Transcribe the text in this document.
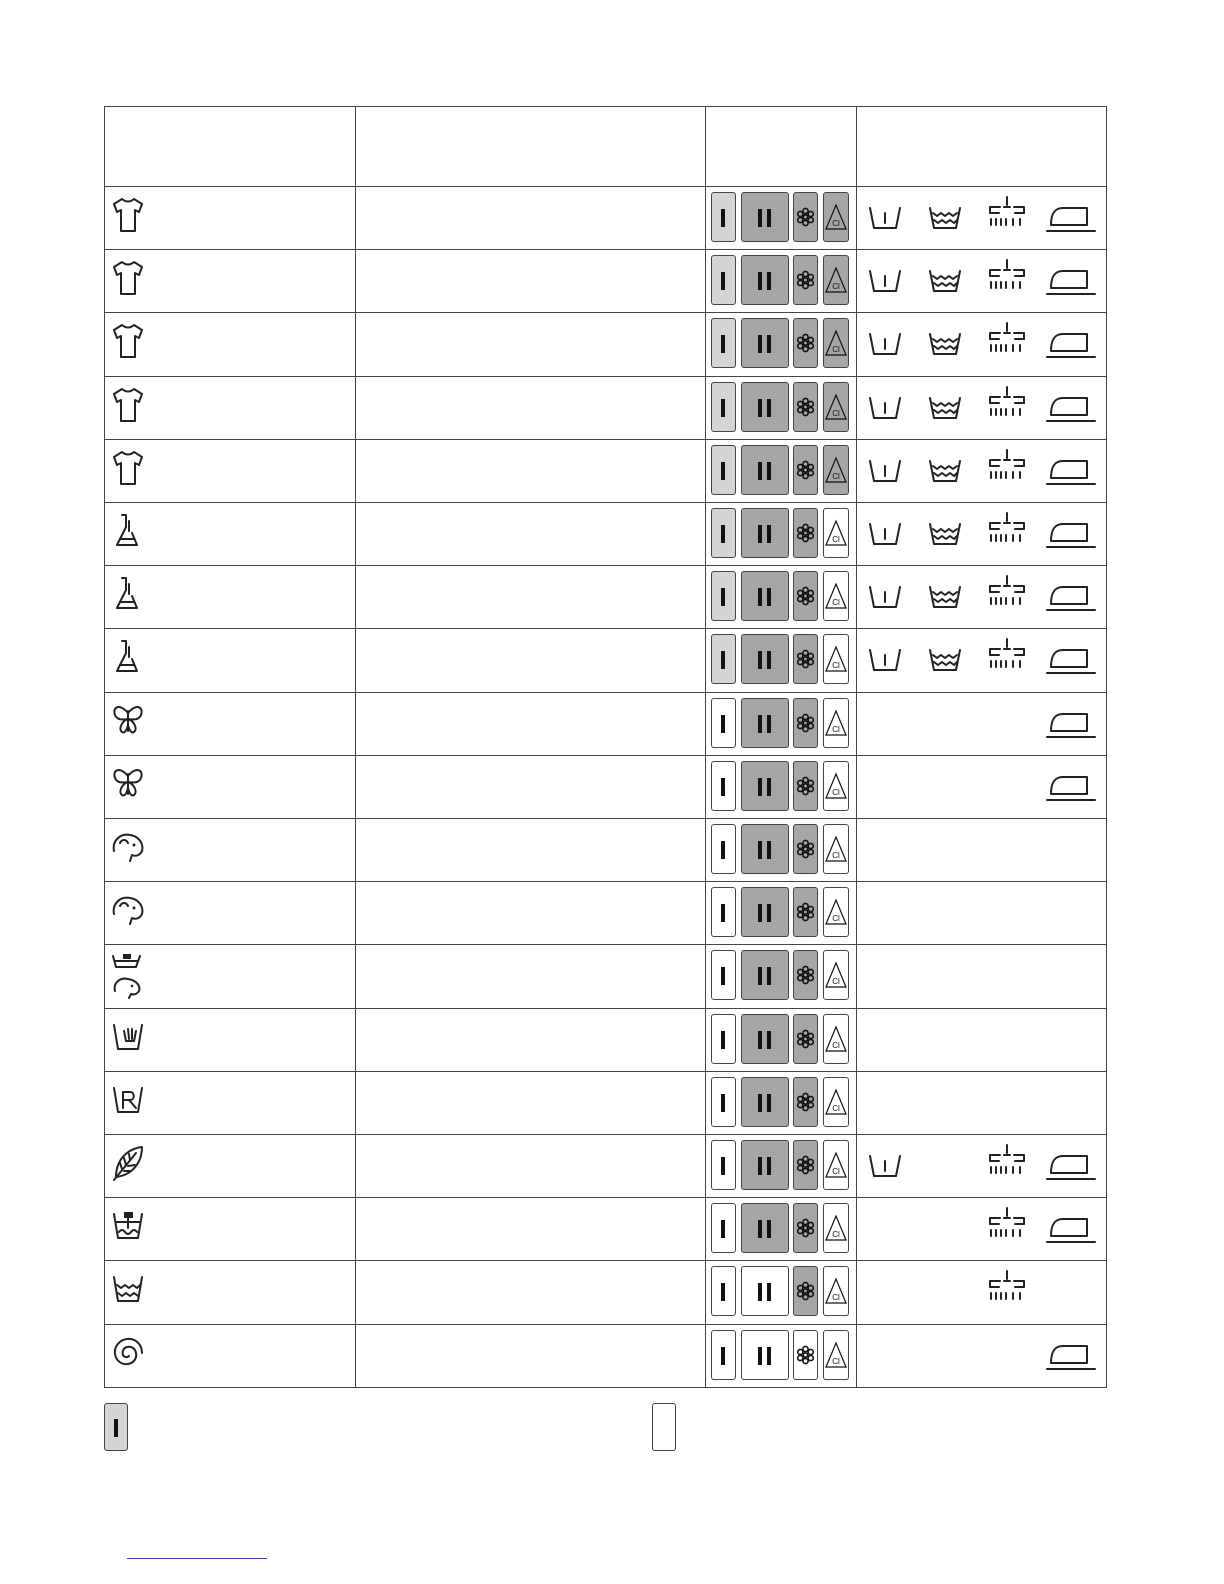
Cl
Cl
Cl
Cl
Cl
Cl
Cl
Cl
Cl
Cl
Cl
Cl
Cl
Cl
Cl
Cl
Cl
Cl
Cl
